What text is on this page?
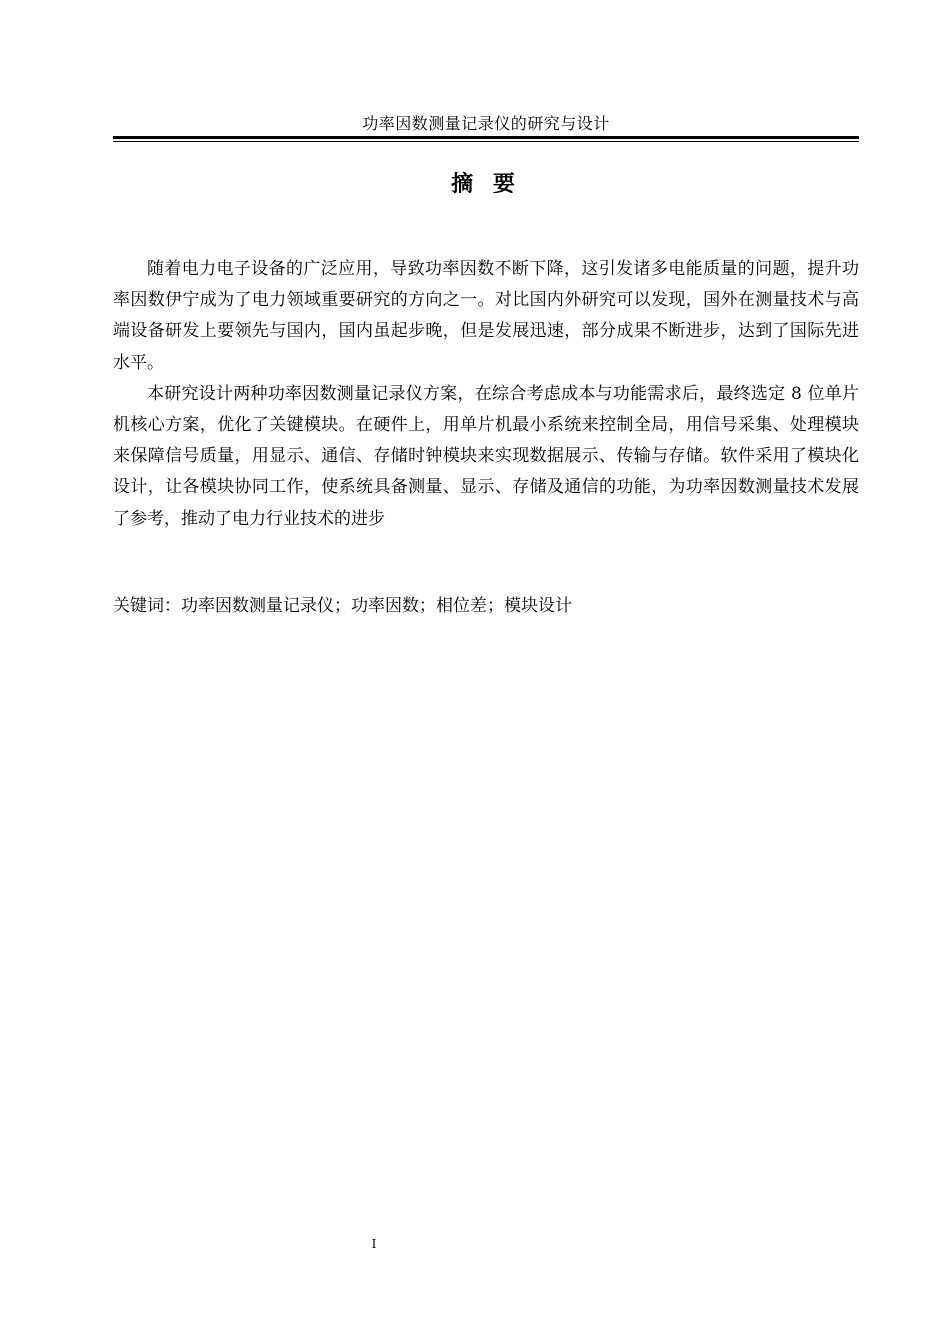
功率因数测量记录仪的研究与设计
摘 要

随着电力电子设备的广泛应用，导致功率因数不断下降，这引发诸多电能质量的问题，提升功率因数伊宁成为了电力领域重要研究的方向之一。对比国内外研究可以发现，国外在测量技术与高端设备研发上要领先与国内，国内虽起步晚，但是发展迅速，部分成果不断进步，达到了国际先进水平。

本研究设计两种功率因数测量记录仪方案，在综合考虑成本与功能需求后，最终选定 8 位单片机核心方案，优化了关键模块。在硬件上，用单片机最小系统来控制全局，用信号采集、处理模块来保障信号质量，用显示、通信、存储时钟模块来实现数据展示、传输与存储。软件采用了模块化设计，让各模块协同工作，使系统具备测量、显示、存储及通信的功能，为功率因数测量技术发展了参考，推动了电力行业技术的进步

关键词：功率因数测量记录仪；功率因数；相位差；模块设计
I
